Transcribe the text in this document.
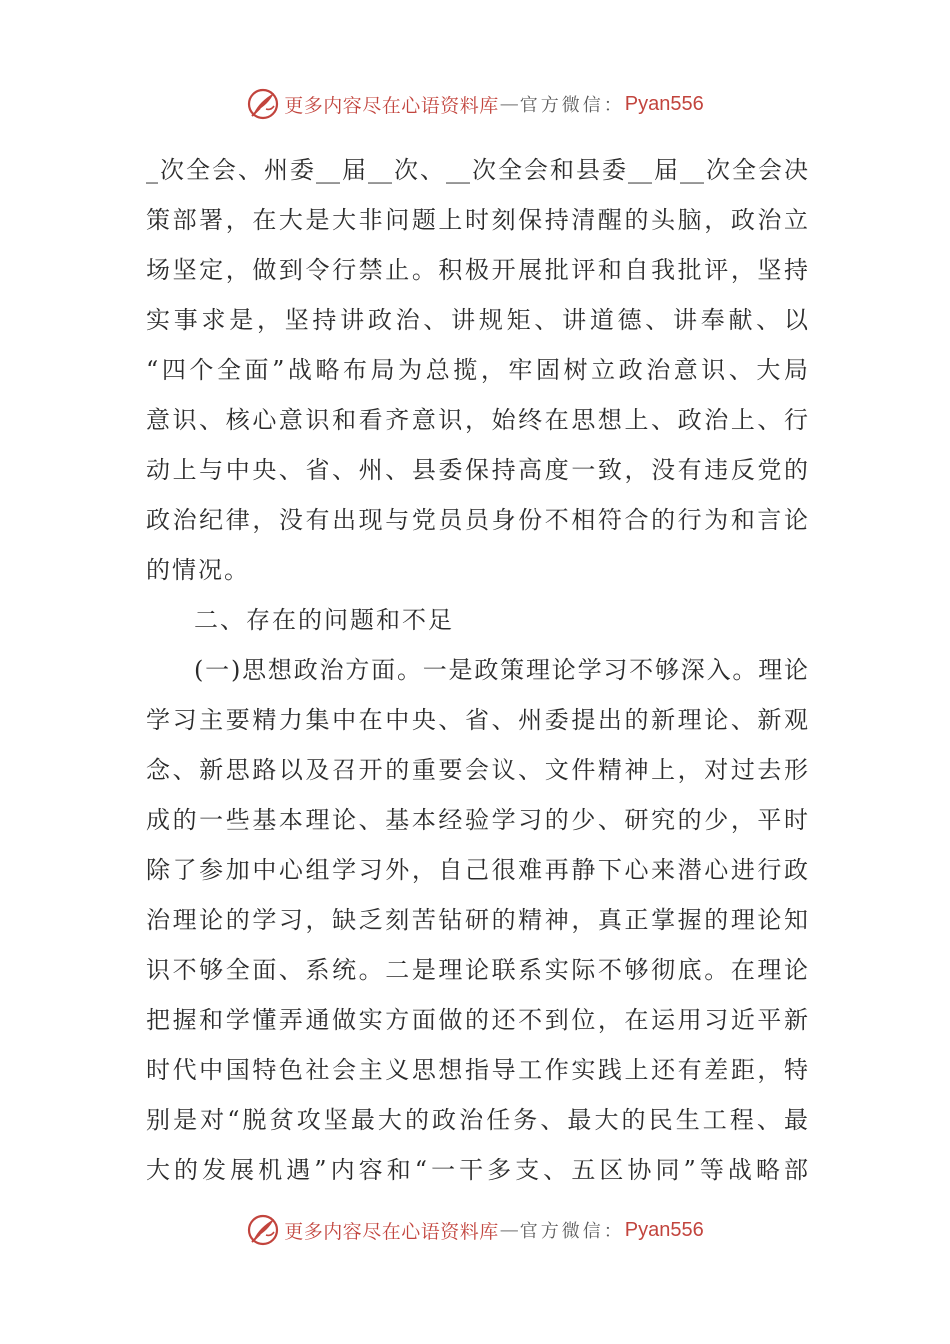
更多内容尽在心语资料库 — 官方微信： Pyan556
_次全会、州委__届__次、__次全会和县委__届__次全会决
策部署，在大是大非问题上时刻保持清醒的头脑，政治立
场坚定，做到令行禁止。积极开展批评和自我批评，坚持
实事求是，坚持讲政治、讲规矩、讲道德、讲奉献、以
“四个全面”战略布局为总揽，牢固树立政治意识、大局
意识、核心意识和看齐意识，始终在思想上、政治上、行
动上与中央、省、州、县委保持高度一致，没有违反党的
政治纪律，没有出现与党员员身份不相符合的行为和言论
的情况。
二、存在的问题和不足
(一)思想政治方面。一是政策理论学习不够深入。理论
学习主要精力集中在中央、省、州委提出的新理论、新观
念、新思路以及召开的重要会议、文件精神上，对过去形
成的一些基本理论、基本经验学习的少、研究的少，平时
除了参加中心组学习外，自己很难再静下心来潜心进行政
治理论的学习，缺乏刻苦钻研的精神，真正掌握的理论知
识不够全面、系统。二是理论联系实际不够彻底。在理论
把握和学懂弄通做实方面做的还不到位，在运用习近平新
时代中国特色社会主义思想指导工作实践上还有差距，特
别是对“脱贫攻坚最大的政治任务、最大的民生工程、最
大的发展机遇”内容和“一干多支、五区协同”等战略部
更多内容尽在心语资料库 — 官方微信： Pyan556
